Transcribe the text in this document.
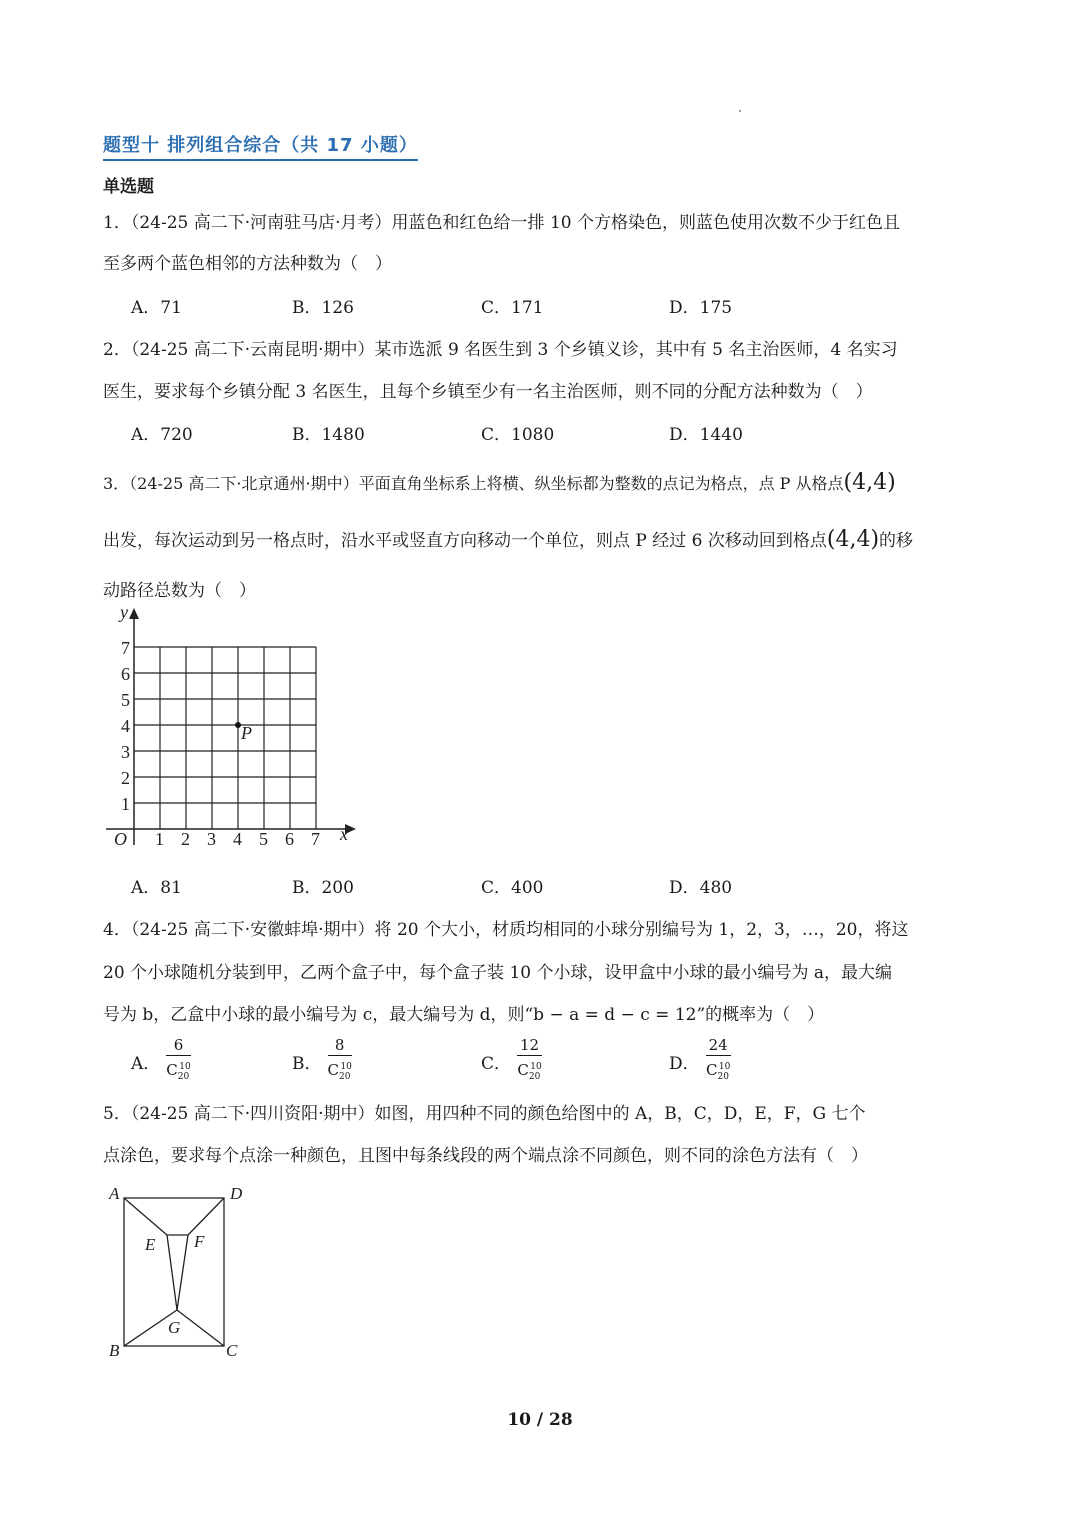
题型十 排列组合综合（共 17 小题）
单选题
1．（24-25 高二下·河南驻马店·月考）用蓝色和红色给一排 10 个方格染色，则蓝色使用次数不少于红色且
至多两个蓝色相邻的方法种数为（　）
A．71	B．126	C．171	D．175
2．（24-25 高二下·云南昆明·期中）某市选派 9 名医生到 3 个乡镇义诊，其中有 5 名主治医师，4 名实习
医生，要求每个乡镇分配 3 名医生，且每个乡镇至少有一名主治医师，则不同的分配方法种数为（　）
A．720	B．1480	C．1080	D．1440
3．（24-25 高二下·北京通州·期中）平面直角坐标系上将横、纵坐标都为整数的点记为格点，点 P 从格点(4,4)
出发，每次运动到另一格点时，沿水平或竖直方向移动一个单位，则点 P 经过 6 次移动回到格点(4,4)的移
动路径总数为（　）
y
x
O
P
7
6
5
4
3
2
1
1 2 3 4 5 6 7
A．81	B．200	C．400	D．480
4．（24-25 高二下·安徽蚌埠·期中）将 20 个大小，材质均相同的小球分别编号为 1，2，3，…，20，将这
20 个小球随机分装到甲，乙两个盒子中，每个盒子装 10 个小球，设甲盒中小球的最小编号为 a，最大编
号为 b，乙盒中小球的最小编号为 c，最大编号为 d，则“b − a = d − c = 12”的概率为（　）
A． $\frac{6}{C_{20}^{10}}$	B． $\frac{8}{C_{20}^{10}}$	C． $\frac{12}{C_{20}^{10}}$	D． $\frac{24}{C_{20}^{10}}$
5．（24-25 高二下·四川资阳·期中）如图，用四种不同的颜色给图中的 A，B，C，D，E，F，G 七个
点涂色，要求每个点涂一种颜色，且图中每条线段的两个端点涂不同颜色，则不同的涂色方法有（　）
A	D
E F
G
B	C
10 / 28
